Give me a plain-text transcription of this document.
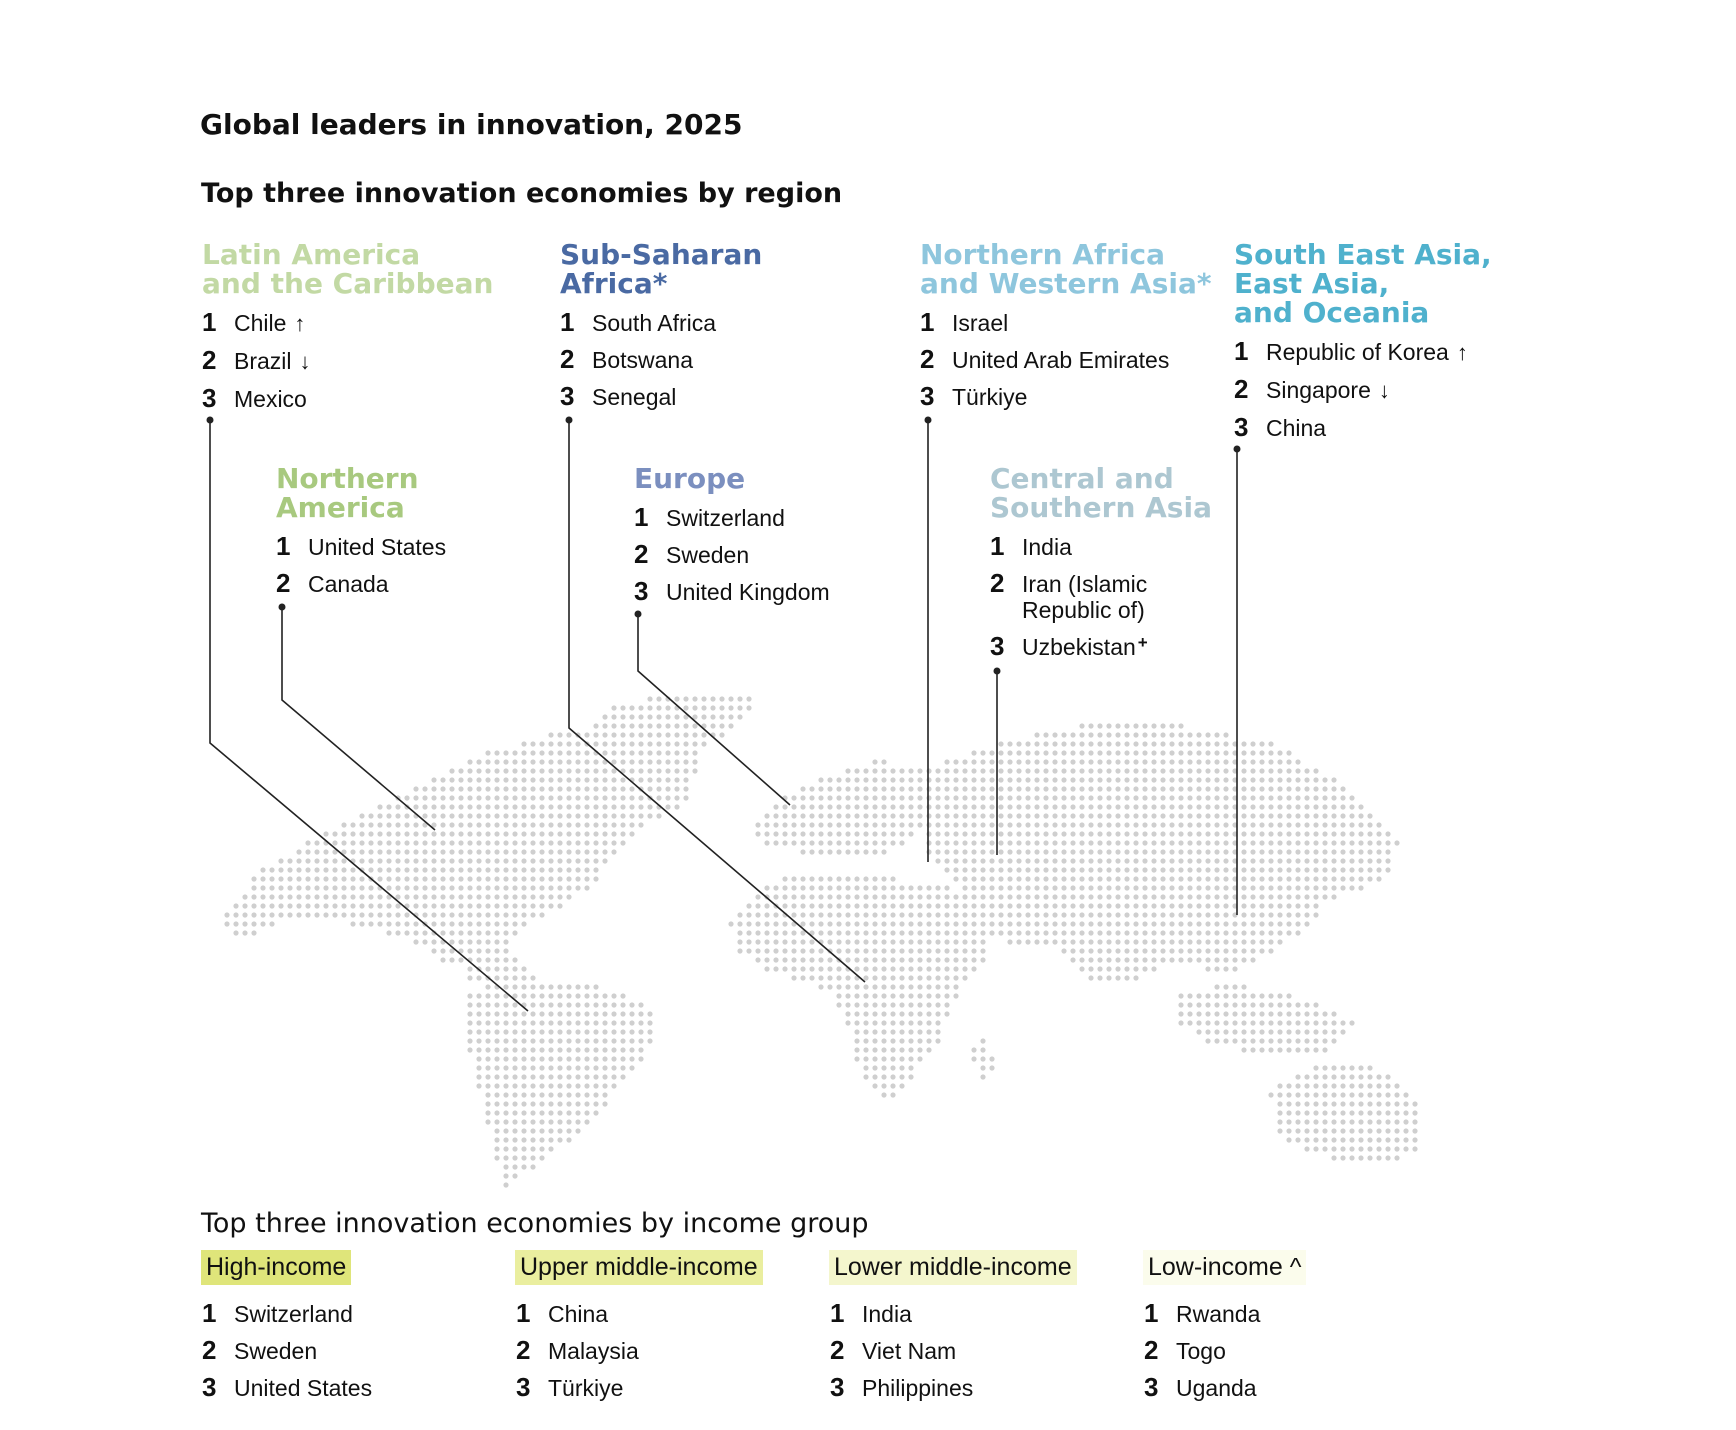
Global leaders in innovation, 2025
Top three innovation economies by region
Latin America
and the Caribbean
1 Chile ↑
2 Brazil ↓
3 Mexico
Sub-Saharan
Africa*
1 South Africa
2 Botswana
3 Senegal
Northern Africa
and Western Asia*
1 Israel
2 United Arab Emirates
3 Türkiye
South East Asia,
East Asia,
and Oceania
1 Republic of Korea ↑
2 Singapore ↓
3 China
Northern
America
1 United States
2 Canada
Europe
1 Switzerland
2 Sweden
3 United Kingdom
Central and
Southern Asia
1 India
2 Iran (Islamic
Republic of)
3 Uzbekistan +
Top three innovation economies by income group
High-income
1 Switzerland
2 Sweden
3 United States
Upper middle-income
1 China
2 Malaysia
3 Türkiye
Lower middle-income
1 India
2 Viet Nam
3 Philippines
Low-income ^
1 Rwanda
2 Togo
3 Uganda
